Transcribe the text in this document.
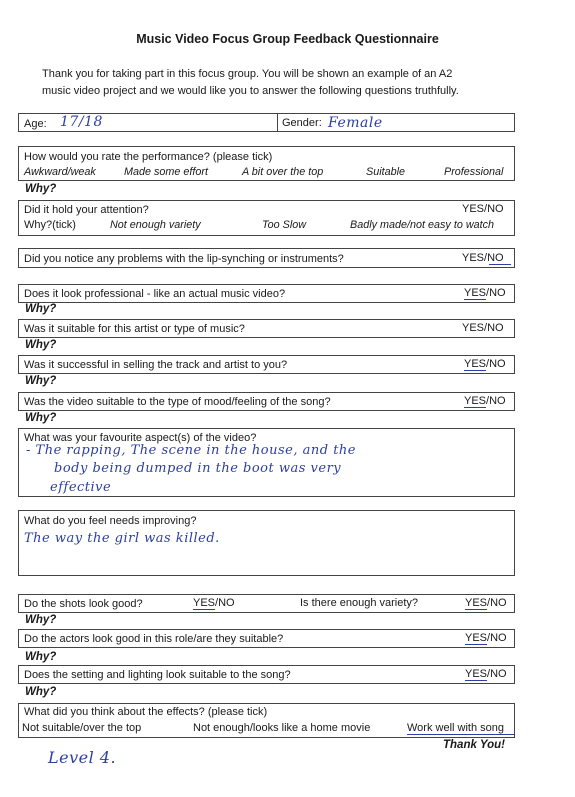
Music Video Focus Group Feedback Questionnaire
Thank you for taking part in this focus group. You will be shown an example of an A2
music video project and we would like you to answer the following questions truthfully.
Age: 17/18	Gender: Female
How would you rate the performance? (please tick)
Awkward/weak	Made some effort	A bit over the top	Suitable	Professional
Why?
Did it hold your attention?	YES/NO
Why?(tick)	Not enough variety	Too Slow	Badly made/not easy to watch
Did you notice any problems with the lip-synching or instruments?	YES/NO
Does it look professional - like an actual music video?	YES/NO
Why?
Was it suitable for this artist or type of music?	YES/NO
Why?
Was it successful in selling the track and artist to you?	YES/NO
Why?
Was the video suitable to the type of mood/feeling of the song?	YES/NO
Why?
What was your favourite aspect(s) of the video?
- The rapping, The scene in the house, and the
body being dumped in the boot was very
effective
What do you feel needs improving?
The way the girl was killed.
Do the shots look good?	YES/NO	Is there enough variety?	YES/NO
Why?
Do the actors look good in this role/are they suitable?	YES/NO
Why?
Does the setting and lighting look suitable to the song?	YES/NO
Why?
What did you think about the effects? (please tick)
Not suitable/over the top	Not enough/looks like a home movie	Work well with song
Thank You!
Level 4.
